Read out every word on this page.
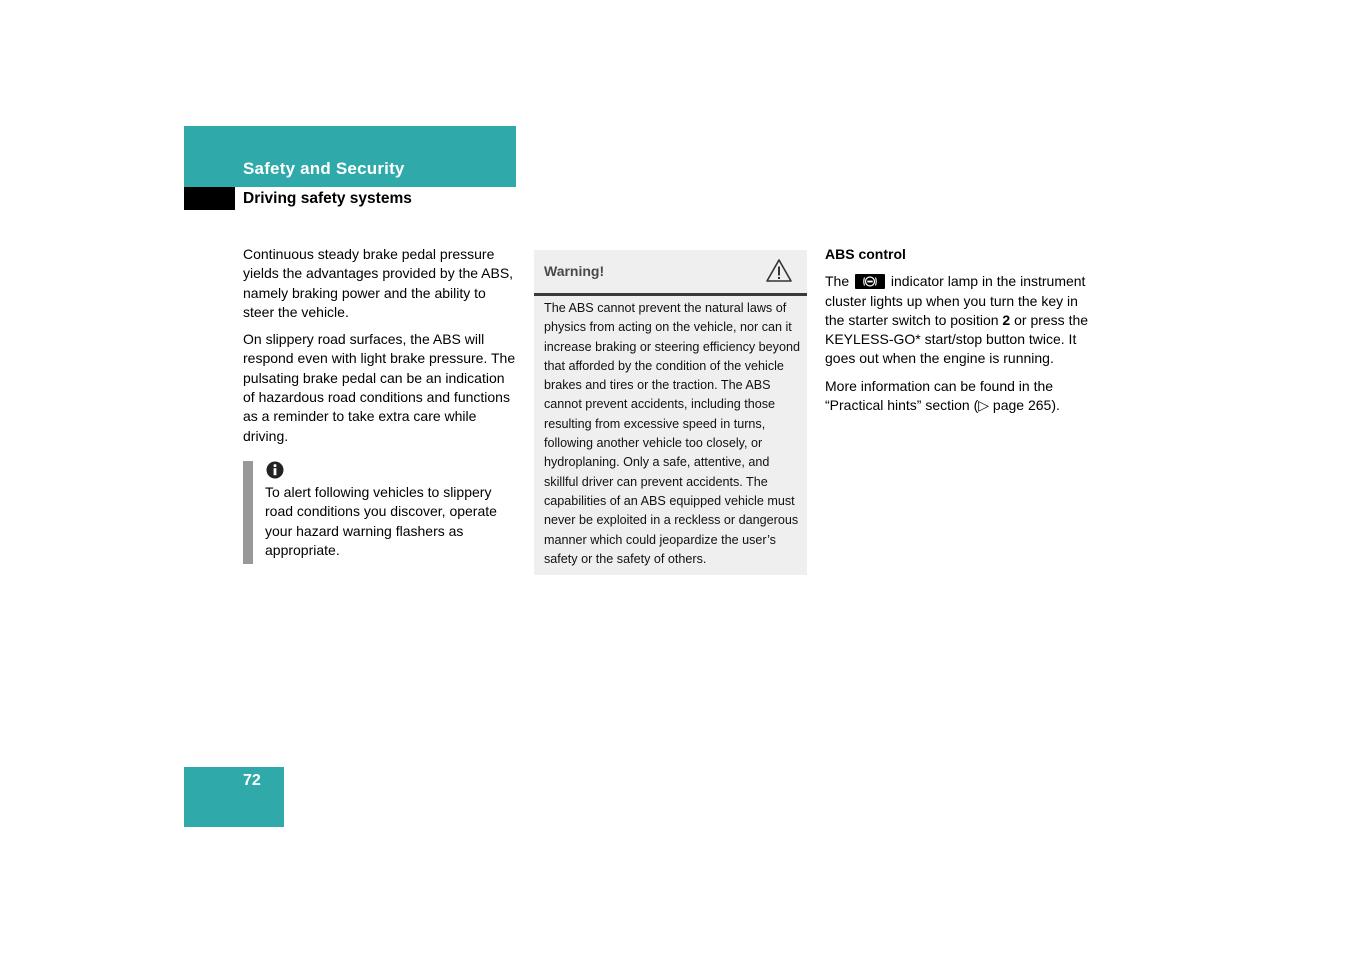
Safety and Security
Driving safety systems

Continuous steady brake pedal pressure yields the advantages provided by the ABS, namely braking power and the ability to steer the vehicle.

On slippery road surfaces, the ABS will respond even with light brake pressure. The pulsating brake pedal can be an indication of hazardous road conditions and functions as a reminder to take extra care while driving.

To alert following vehicles to slippery road conditions you discover, operate your hazard warning flashers as appropriate.

Warning!

The ABS cannot prevent the natural laws of physics from acting on the vehicle, nor can it increase braking or steering efficiency beyond that afforded by the condition of the vehicle brakes and tires or the traction. The ABS cannot prevent accidents, including those resulting from excessive speed in turns, following another vehicle too closely, or hydroplaning. Only a safe, attentive, and skillful driver can prevent accidents. The capabilities of an ABS equipped vehicle must never be exploited in a reckless or dangerous manner which could jeopardize the user’s safety or the safety of others.

ABS control

The	indicator lamp in the instrument cluster lights up when you turn the key in the starter switch to position 2 or press the KEYLESS-GO* start/stop button twice. It goes out when the engine is running.

More information can be found in the “Practical hints” section (▷ page 265).

72
